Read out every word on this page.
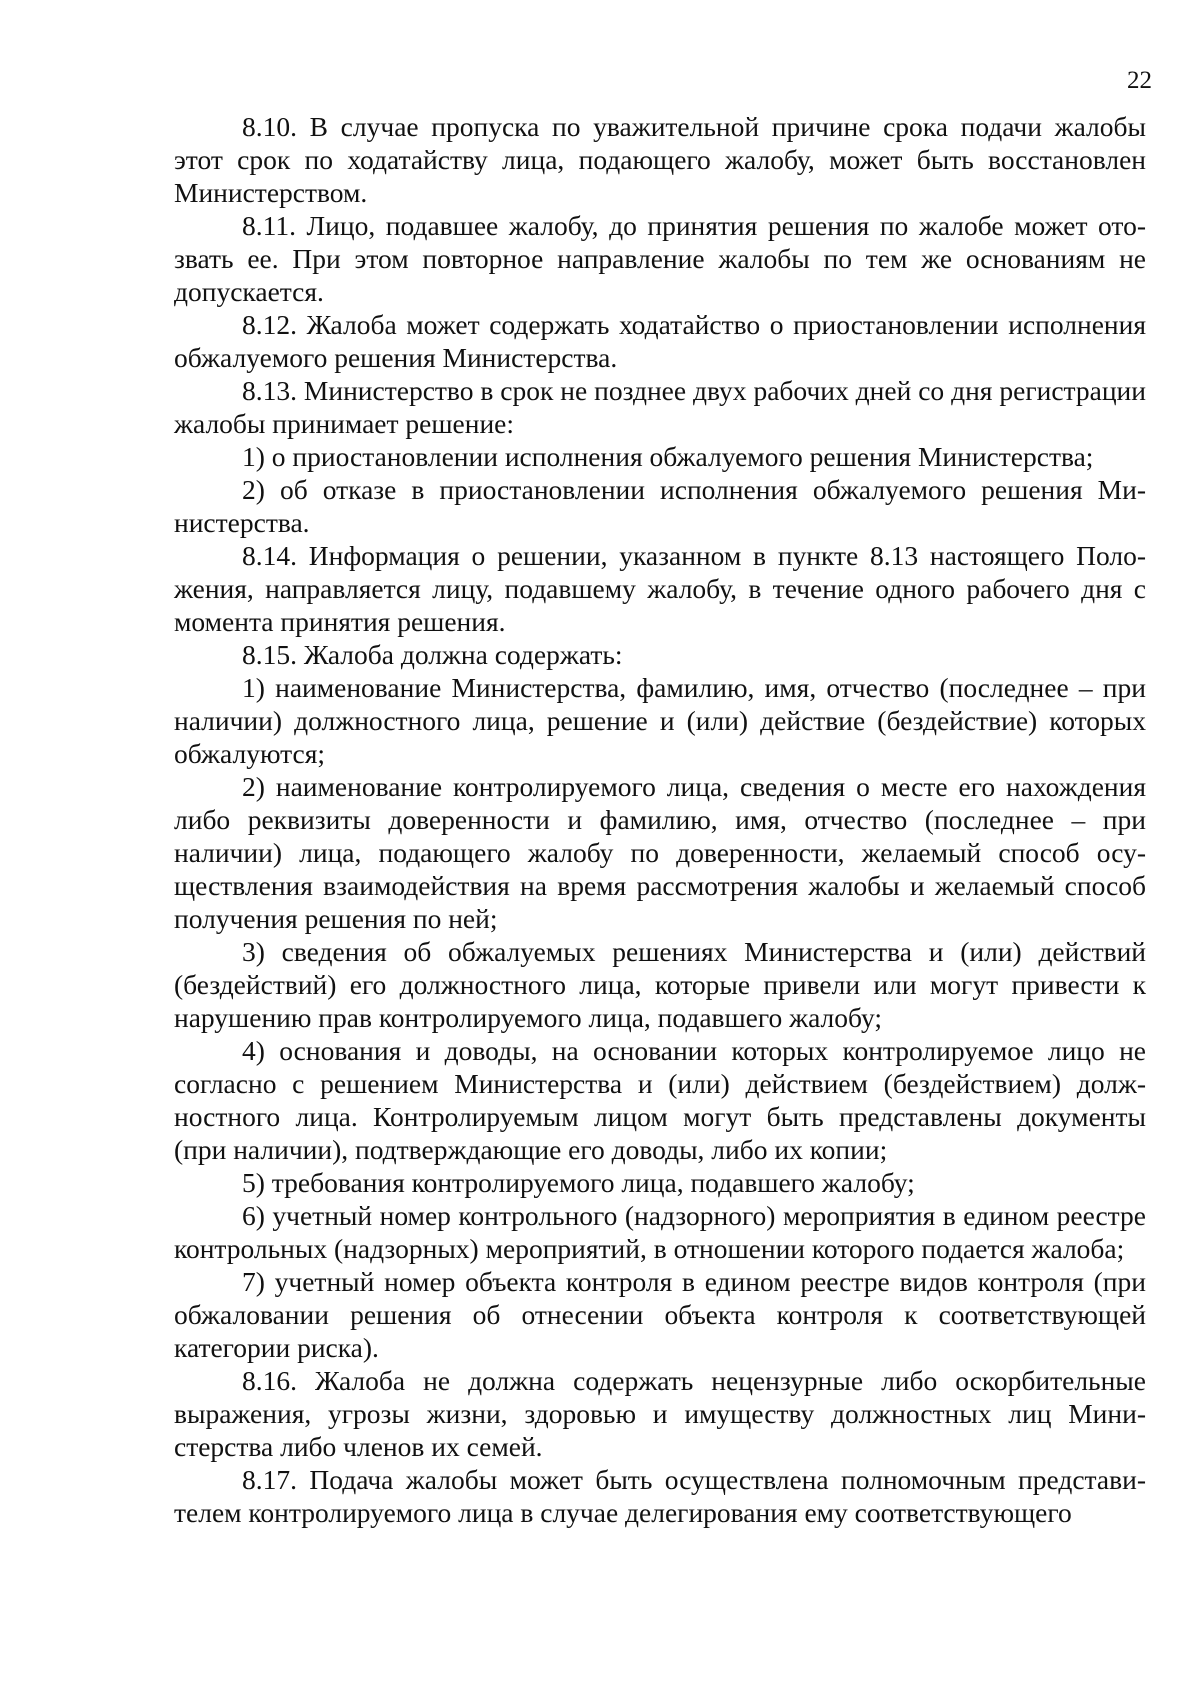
22

8.10. В случае пропуска по уважительной причине срока подачи жалобы этот срок по ходатайству лица, подающего жалобу, может быть восстановлен Министерством.

8.11. Лицо, подавшее жалобу, до принятия решения по жалобе может отозвать ее. При этом повторное направление жалобы по тем же основаниям не допускается.

8.12. Жалоба может содержать ходатайство о приостановлении исполнения обжалуемого решения Министерства.

8.13. Министерство в срок не позднее двух рабочих дней со дня регистрации жалобы принимает решение:

1) о приостановлении исполнения обжалуемого решения Министерства;

2) об отказе в приостановлении исполнения обжалуемого решения Министерства.

8.14. Информация о решении, указанном в пункте 8.13 настоящего Положения, направляется лицу, подавшему жалобу, в течение одного рабочего дня с момента принятия решения.

8.15. Жалоба должна содержать:

1) наименование Министерства, фамилию, имя, отчество (последнее – при наличии) должностного лица, решение и (или) действие (бездействие) которых обжалуются;

2) наименование контролируемого лица, сведения о месте его нахождения либо реквизиты доверенности и фамилию, имя, отчество (последнее – при наличии) лица, подающего жалобу по доверенности, желаемый способ осуществления взаимодействия на время рассмотрения жалобы и желаемый способ получения решения по ней;

3) сведения об обжалуемых решениях Министерства и (или) действий (бездействий) его должностного лица, которые привели или могут привести к нарушению прав контролируемого лица, подавшего жалобу;

4) основания и доводы, на основании которых контролируемое лицо не согласно с решением Министерства и (или) действием (бездействием) должностного лица. Контролируемым лицом могут быть представлены документы (при наличии), подтверждающие его доводы, либо их копии;

5) требования контролируемого лица, подавшего жалобу;

6) учетный номер контрольного (надзорного) мероприятия в едином реестре контрольных (надзорных) мероприятий, в отношении которого подается жалоба;

7) учетный номер объекта контроля в едином реестре видов контроля (при обжаловании решения об отнесении объекта контроля к соответствующей категории риска).

8.16. Жалоба не должна содержать нецензурные либо оскорбительные выражения, угрозы жизни, здоровью и имуществу должностных лиц Министерства либо членов их семей.

8.17. Подача жалобы может быть осуществлена полномочным представителем контролируемого лица в случае делегирования ему соответствующего
